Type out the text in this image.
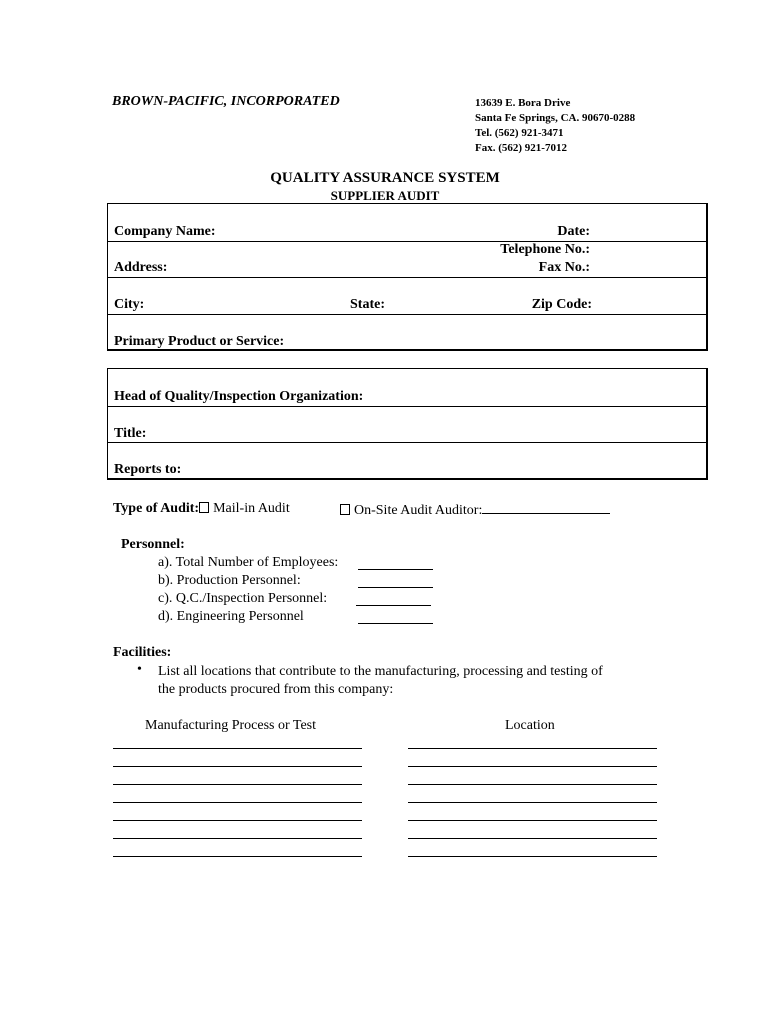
BROWN-PACIFIC, INCORPORATED	13639 E. Bora Drive
Santa Fe Springs, CA. 90670-0288
Tel. (562) 921-3471
Fax. (562) 921-7012
QUALITY ASSURANCE SYSTEM
SUPPLIER AUDIT
Company Name:	Date:
Telephone No.:
Address:	Fax No.:
City:	State:	Zip Code:
Primary Product or Service:
Head of Quality/Inspection Organization:
Title:
Reports to:
Type of Audit: Mail-in Audit	On-Site Audit Auditor:
Personnel:
a). Total Number of Employees:
b). Production Personnel:
c). Q.C./Inspection Personnel:
d). Engineering Personnel
Facilities:
• List all locations that contribute to the manufacturing, processing and testing of
the products procured from this company:
Manufacturing Process or Test	Location
